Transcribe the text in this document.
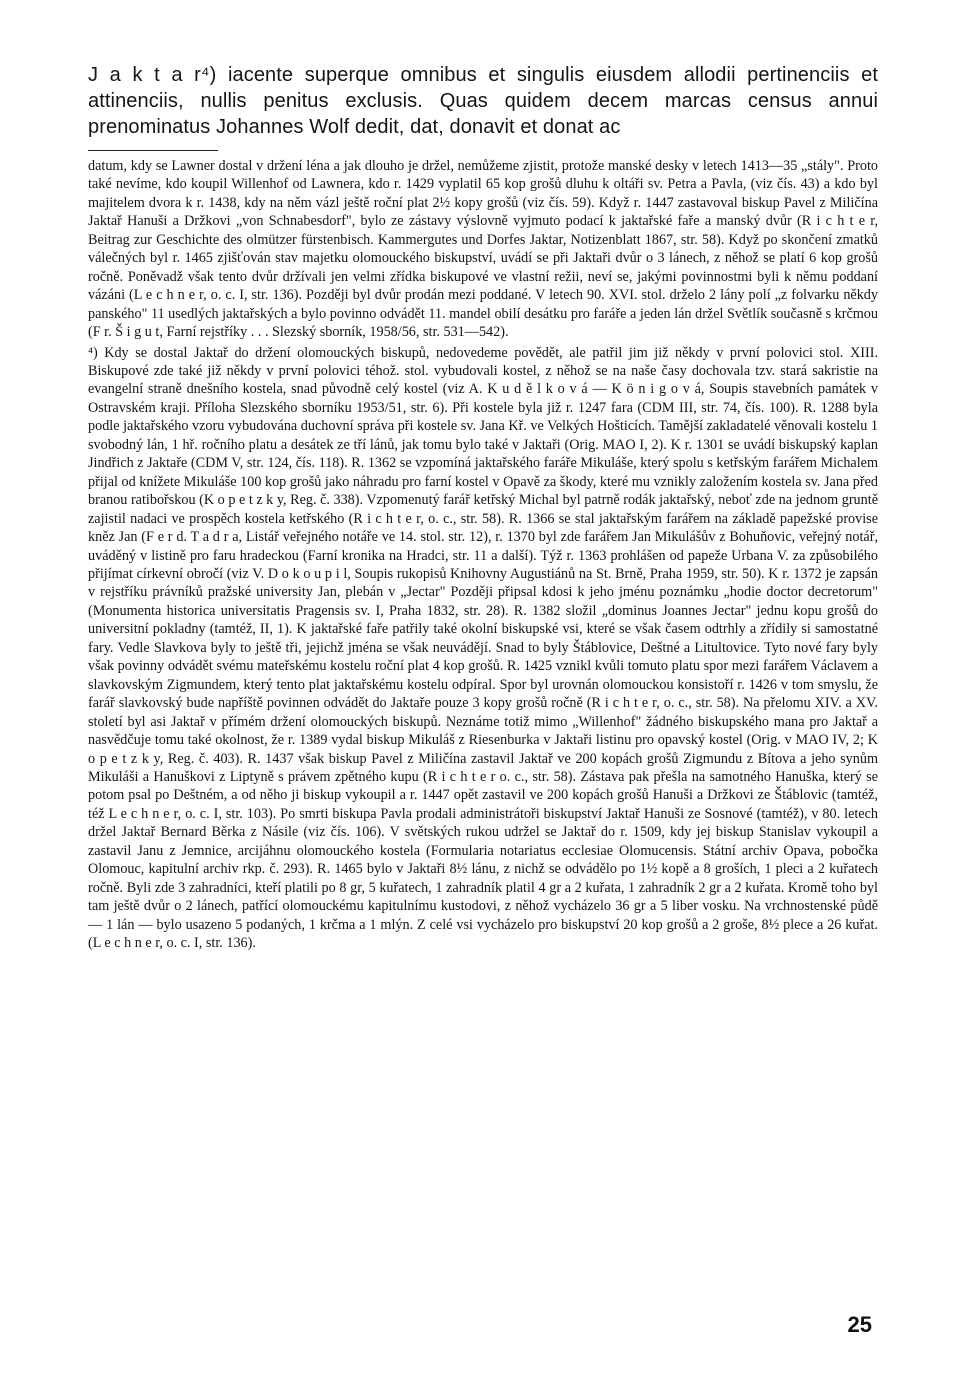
J a k t a r⁴) iacente superque omnibus et singulis eiusdem allodii pertinenciis et attinenciis, nullis penitus exclusis. Quas quidem decem marcas census annui prenominatus Johannes Wolf dedit, dat, donavit et donat ac

datum, kdy se Lawner dostal v držení léna a jak dlouho je držel, nemůžeme zjistit, protože manské desky v letech 1413—35 „stály". Proto také nevíme, kdo koupil Willenhof od Lawnera, kdo r. 1429 vyplatil 65 kop grošů dluhu k oltáři sv. Petra a Pavla, (viz čís. 43) a kdo byl majitelem dvora k r. 1438, kdy na něm vázl ještě roční plat 2½ kopy grošů (viz čís. 59). Když r. 1447 zastavoval biskup Pavel z Miličína Jaktař Hanuši a Držkovi „von Schnabesdorf", bylo ze zástavy výslovně vyjmuto podací k jaktařské faře a manský dvůr (R i c h t e r, Beitrag zur Geschichte des olmützer fürstenbisch. Kammergutes und Dorfes Jaktar, Notizenblatt 1867, str. 58). Když po skončení zmatků válečných byl r. 1465 zjišťován stav majetku olomouckého biskupství, uvádí se při Jaktaři dvůr o 3 lánech, z něhož se platí 6 kop grošů ročně. Poněvadž však tento dvůr držívali jen velmi zřídka biskupové ve vlastní režii, neví se, jakými povinnostmi byli k němu poddaní vázáni (L e c h n e r, o. c. I, str. 136). Později byl dvůr prodán mezi poddané. V letech 90. XVI. stol. drželo 2 lány polí „z folvarku někdy panského" 11 usedlých jaktařských a bylo povinno odvádět 11. mandel obilí desátku pro faráře a jeden lán držel Světlík současně s krčmou (F r. Š i g u t, Farní rejstříky . . . Slezský sborník, 1958/56, str. 531—542).

⁴) Kdy se dostal Jaktař do držení olomouckých biskupů, nedovedeme povědět, ale patřil jim již někdy v první polovici stol. XIII. Biskupové zde také již někdy v první polovici téhož. stol. vybudovali kostel, z něhož se na naše časy dochovala tzv. stará sakristie na evangelní straně dnešního kostela, snad původně celý kostel (viz A. K u d ě l k o v á — K ö n i g o v á, Soupis stavebních památek v Ostravském kraji. Příloha Slezského sborníku 1953/51, str. 6). Při kostele byla již r. 1247 fara (CDM III, str. 74, čís. 100). R. 1288 byla podle jaktařského vzoru vybudována duchovní správa při kostele sv. Jana Kř. ve Velkých Hošticích. Tamější zakladatelé věnovali kostelu 1 svobodný lán, 1 hř. ročního platu a desátek ze tří lánů, jak tomu bylo také v Jaktaři (Orig. MAO I, 2). K r. 1301 se uvádí biskupský kaplan Jindřich z Jaktaře (CDM V, str. 124, čís. 118). R. 1362 se vzpomíná jaktařského faráře Mikuláše, který spolu s ketřským farářem Michalem přijal od knížete Mikuláše 100 kop grošů jako náhradu pro farní kostel v Opavě za škody, které mu vznikly založením kostela sv. Jana před branou ratibořskou (K o p e t z k y, Reg. č. 338). Vzpomenutý farář ketřský Michal byl patrně rodák jaktařský, neboť zde na jednom gruntě zajistil nadaci ve prospěch kostela ketřského (R i c h t e r, o. c., str. 58). R. 1366 se stal jaktařským farářem na základě papežské provise kněz Jan (F e r d. T a d r a, Listář veřejného notáře ve 14. stol. str. 12), r. 1370 byl zde farářem Jan Mikulášův z Bohuňovic, veřejný notář, uváděný v listině pro faru hradeckou (Farní kronika na Hradci, str. 11 a další). Týž r. 1363 prohlášen od papeže Urbana V. za způsobilého přijímat církevní obročí (viz V. D o k o u p i l, Soupis rukopisů Knihovny Augustiánů na St. Brně, Praha 1959, str. 50). K r. 1372 je zapsán v rejstříku právníků pražské university Jan, plebán v „Jectar" Později připsal kdosi k jeho jménu poznámku „hodie doctor decretorum" (Monumenta historica universitatis Pragensis sv. I, Praha 1832, str. 28). R. 1382 složil „dominus Joannes Jectar" jednu kopu grošů do universitní pokladny (tamtéž, II, 1). K jaktařské faře patřily také okolní biskupské vsi, které se však časem odtrhly a zřídily si samostatné fary. Vedle Slavkova byly to ještě tři, jejichž jména se však neuvádějí. Snad to byly Štáblovice, Deštné a Litultovice. Tyto nové fary byly však povinny odvádět svému mateřskému kostelu roční plat 4 kop grošů. R. 1425 vznikl kvůli tomuto platu spor mezi farářem Václavem a slavkovským Zigmundem, který tento plat jaktařskému kostelu odpíral. Spor byl urovnán olomouckou konsistoří r. 1426 v tom smyslu, že farář slavkovský bude napříště povinnen odvádět do Jaktaře pouze 3 kopy grošů ročně (R i c h t e r, o. c., str. 58). Na přelomu XIV. a XV. století byl asi Jaktař v přímém držení olomouckých biskupů. Neznáme totiž mimo „Willenhof" žádného biskupského mana pro Jaktař a nasvědčuje tomu také okolnost, že r. 1389 vydal biskup Mikuláš z Riesenburka v Jaktaři listinu pro opavský kostel (Orig. v MAO IV, 2; K o p e t z k y, Reg. č. 403). R. 1437 však biskup Pavel z Miličína zastavil Jaktař ve 200 kopách grošů Zigmundu z Bítova a jeho synům Mikuláši a Hanuškovi z Liptyně s právem zpětného kupu (R i c h t e r o. c., str. 58). Zástava pak přešla na samotného Hanuška, který se potom psal po Deštném, a od něho ji biskup vykoupil a r. 1447 opět zastavil ve 200 kopách grošů Hanuši a Držkovi ze Štáblovic (tamtéž, též L e c h n e r, o. c. I, str. 103). Po smrti biskupa Pavla prodali administrátoři biskupství Jaktař Hanuši ze Sosnové (tamtéž), v 80. letech držel Jaktař Bernard Běrka z Násile (viz čís. 106). V světských rukou udržel se Jaktař do r. 1509, kdy jej biskup Stanislav vykoupil a zastavil Janu z Jemnice, arcijáhnu olomouckého kostela (Formularia notariatus ecclesiae Olomucensis. Státní archiv Opava, pobočka Olomouc, kapitulní archiv rkp. č. 293). R. 1465 bylo v Jaktaři 8½ lánu, z nichž se odvádělo po 1½ kopě a 8 groších, 1 pleci a 2 kuřatech ročně. Byli zde 3 zahradníci, kteří platili po 8 gr, 5 kuřatech, 1 zahradník platil 4 gr a 2 kuřata, 1 zahradník 2 gr a 2 kuřata. Kromě toho byl tam ještě dvůr o 2 lánech, patřící olomouckému kapitulnímu kustodovi, z něhož vycházelo 36 gr a 5 liber vosku. Na vrchnostenské půdě — 1 lán — bylo usazeno 5 podaných, 1 krčma a 1 mlýn. Z celé vsi vycházelo pro biskupství 20 kop grošů a 2 groše, 8½ plece a 26 kuřat. (L e c h n e r, o. c. I, str. 136).

25
